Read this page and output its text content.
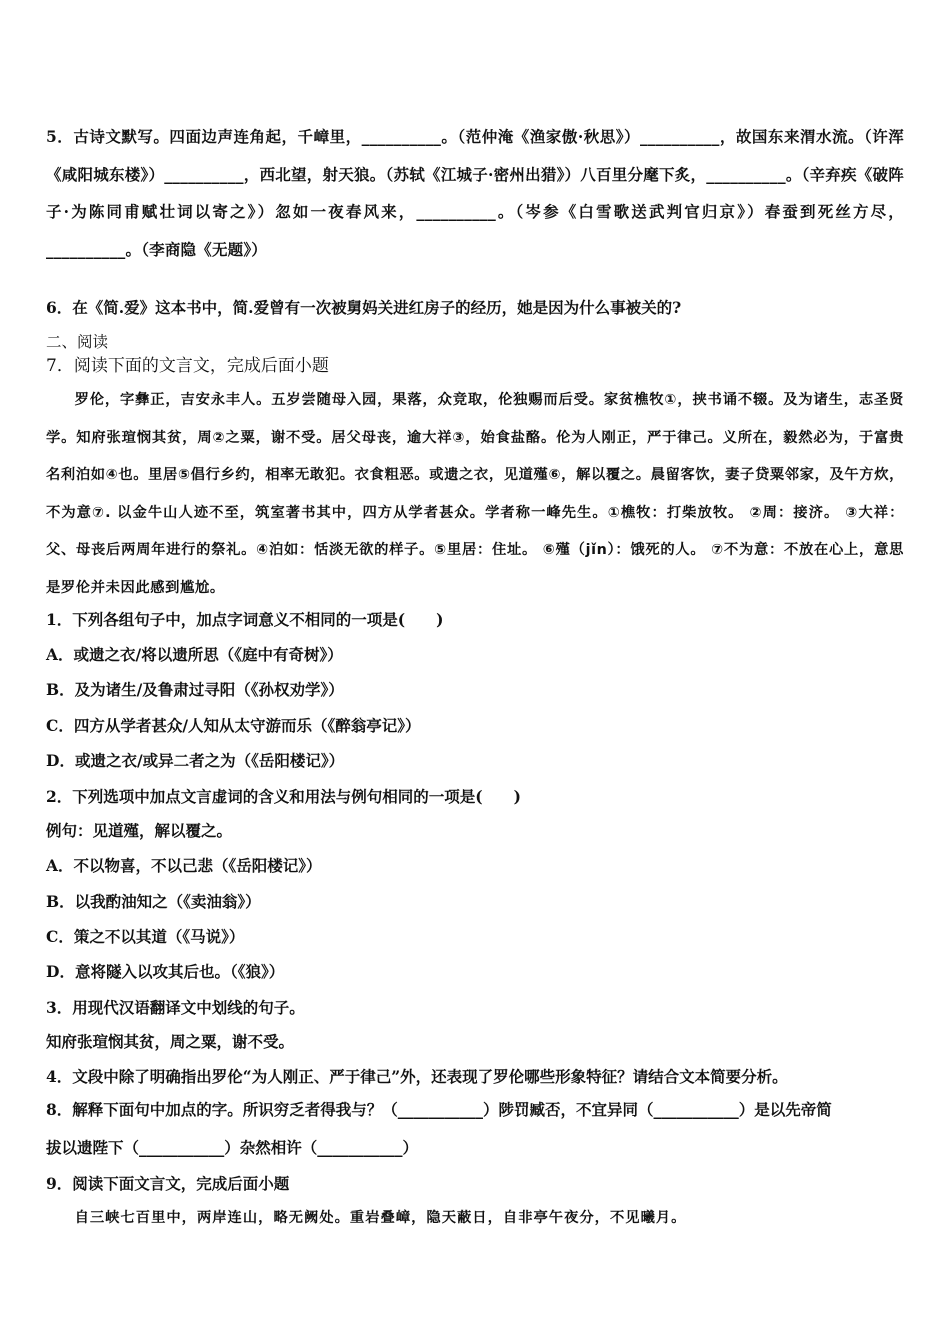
5．古诗文默写。四面边声连角起，千嶂里，__________。（范仲淹《渔家傲·秋思》）__________，故国东来渭水流。（许浑《咸阳城东楼》）__________，西北望，射天狼。（苏轼《江城子·密州出猎》）八百里分麾下炙，__________。（辛弃疾《破阵子·为陈同甫赋壮词以寄之》）忽如一夜春风来，__________。（岑参《白雪歌送武判官归京》）春蚕到死丝方尽，__________。（李商隐《无题》）
6．在《简.爱》这本书中，简.爱曾有一次被舅妈关进红房子的经历，她是因为什么事被关的?
二、阅读
7．阅读下面的文言文，完成后面小题
罗伦，字彝正，吉安永丰人。五岁尝随母入园，果落，众竞取，伦独赐而后受。家贫樵牧①，挟书诵不辍。及为诸生，志圣贤学。知府张瑄悯其贫，周②之粟，谢不受。居父母丧，逾大祥③，始食盐酪。伦为人刚正，严于律己。义所在，毅然必为，于富贵名利泊如④也。里居⑤倡行乡约，相率无敢犯。衣食粗恶。或遗之衣，见道殣⑥，解以覆之。晨留客饮，妻子贷粟邻家，及午方炊，不为意⑦. 以金牛山人迹不至，筑室著书其中，四方从学者甚众。学者称一峰先生。①樵牧：打柴放牧。 ②周：接济。 ③大祥：父、母丧后两周年进行的祭礼。④泊如：恬淡无欲的样子。⑤里居：住址。 ⑥殣（jǐn）：饿死的人。 ⑦不为意：不放在心上，意思是罗伦并未因此感到尴尬。
1．下列各组句子中，加点字词意义不相同的一项是(　　)
A．或遗之衣/将以遗所思（《庭中有奇树》）
B．及为诸生/及鲁肃过寻阳（《孙权劝学》）
C．四方从学者甚众/人知从太守游而乐（《醉翁亭记》）
D．或遗之衣/或异二者之为（《岳阳楼记》）
2．下列选项中加点文言虚词的含义和用法与例句相同的一项是(　　)
例句：见道殣，解以覆之。
A．不以物喜，不以己悲（《岳阳楼记》）
B．以我酌油知之（《卖油翁》）
C．策之不以其道（《马说》）
D．意将隧入以攻其后也。（《狼》）
3．用现代汉语翻译文中划线的句子。
知府张瑄悯其贫，周之粟，谢不受。
4．文段中除了明确指出罗伦“为人刚正、严于律己”外，还表现了罗伦哪些形象特征？请结合文本简要分析。
8．解释下面句中加点的字。所识穷乏者得我与？（___________）陟罚臧否，不宜异同（___________）是以先帝简
拔以遗陛下（___________）杂然相许（___________）
9．阅读下面文言文，完成后面小题
自三峡七百里中，两岸连山，略无阙处。重岩叠嶂，隐天蔽日，自非亭午夜分，不见曦月。
